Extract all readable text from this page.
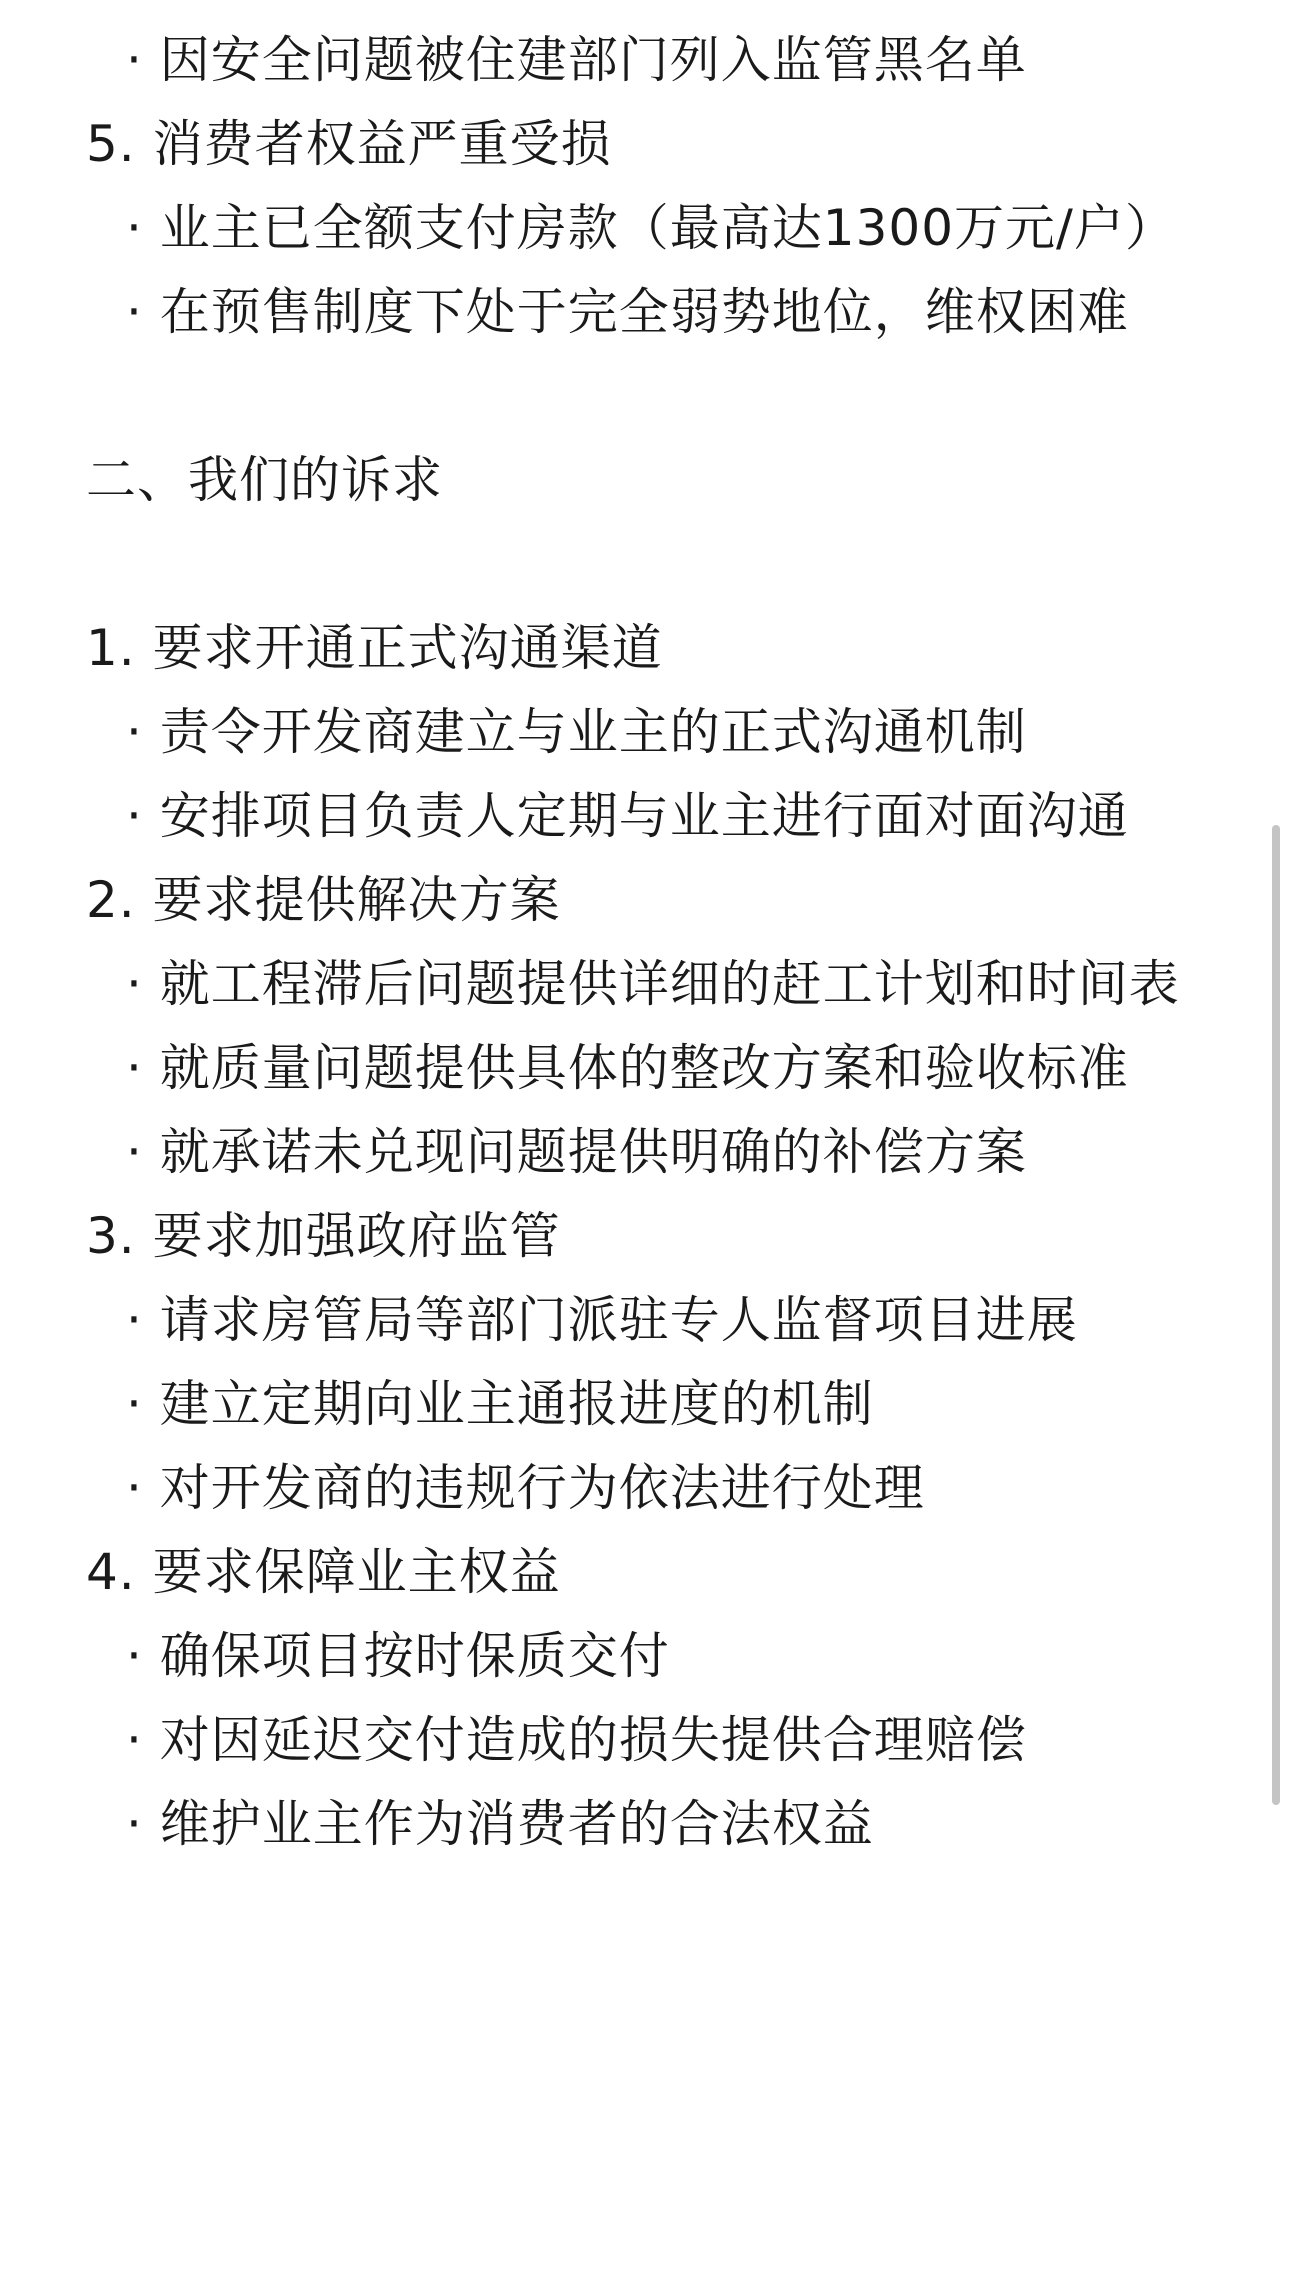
· 因安全问题被住建部门列入监管黑名单

5. 消费者权益严重受损

· 业主已全额支付房款（最高达1300万元/户）

· 在预售制度下处于完全弱势地位，维权困难

二、我们的诉求

1. 要求开通正式沟通渠道

· 责令开发商建立与业主的正式沟通机制

· 安排项目负责人定期与业主进行面对面沟通

2. 要求提供解决方案

· 就工程滞后问题提供详细的赶工计划和时间表

· 就质量问题提供具体的整改方案和验收标准

· 就承诺未兑现问题提供明确的补偿方案

3. 要求加强政府监管

· 请求房管局等部门派驻专人监督项目进展

· 建立定期向业主通报进度的机制

· 对开发商的违规行为依法进行处理

4. 要求保障业主权益

· 确保项目按时保质交付

· 对因延迟交付造成的损失提供合理赔偿

· 维护业主作为消费者的合法权益
